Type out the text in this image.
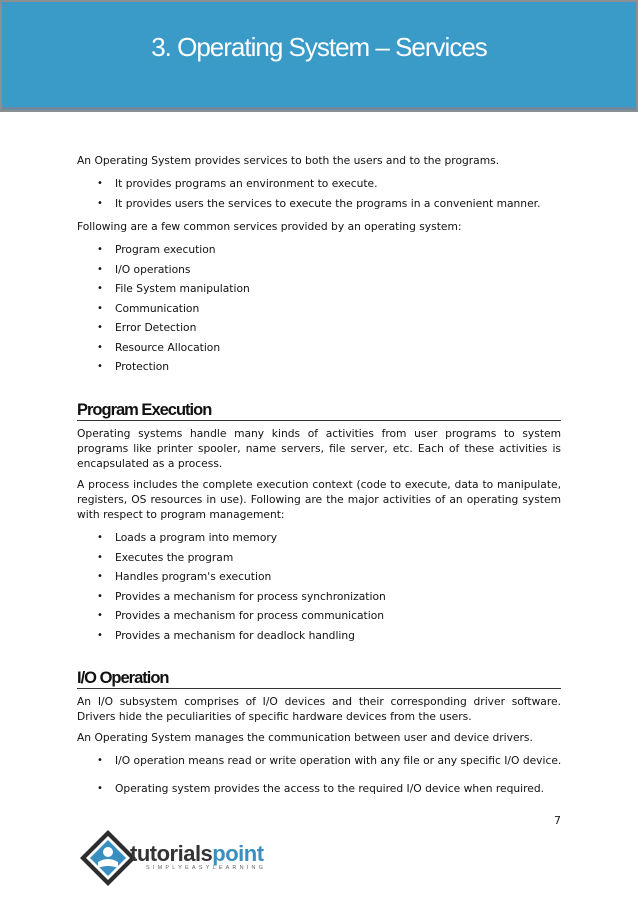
3. Operating System – Services

An Operating System provides services to both the users and to the programs.

• It provides programs an environment to execute.
• It provides users the services to execute the programs in a convenient manner.

Following are a few common services provided by an operating system:

• Program execution
• I/O operations
• File System manipulation
• Communication
• Error Detection
• Resource Allocation
• Protection
Program Execution

Operating systems handle many kinds of activities from user programs to system programs like printer spooler, name servers, file server, etc. Each of these activities is encapsulated as a process.

A process includes the complete execution context (code to execute, data to manipulate, registers, OS resources in use). Following are the major activities of an operating system with respect to program management:

• Loads a program into memory
• Executes the program
• Handles program's execution
• Provides a mechanism for process synchronization
• Provides a mechanism for process communication
• Provides a mechanism for deadlock handling
I/O Operation

An I/O subsystem comprises of I/O devices and their corresponding driver software. Drivers hide the peculiarities of specific hardware devices from the users.

An Operating System manages the communication between user and device drivers.

• I/O operation means read or write operation with any file or any specific I/O device.
• Operating system provides the access to the required I/O device when required.
7
tutorialspoint
SIMPLYEASYLEARNING
